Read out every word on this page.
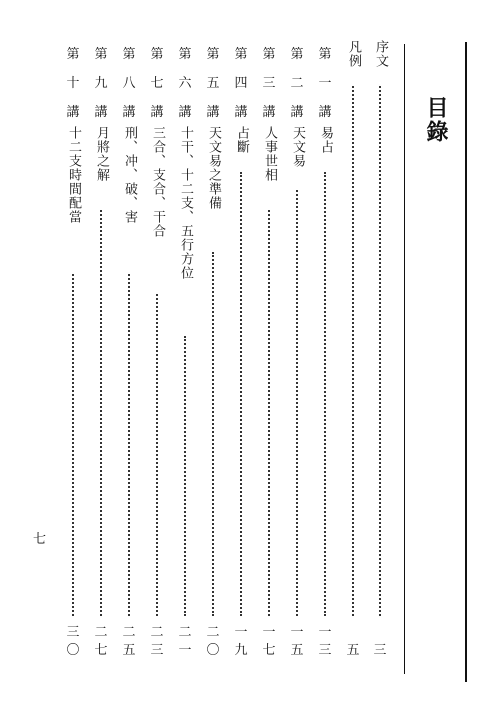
目錄
序文
三
凡例
五
第
一
講
易占
一
三
第
二
講
天文易
一
五
第
三
講
人事世相
一
七
第
四
講
占斷
一
九
第
五
講
天文易之準備
二
〇
第
六
講
十干、十二支、五行方位
二
一
第
七
講
三合、支合、干合
二
三
第
八
講
刑、冲、破、害
二
五
第
九
講
月將之解
二
七
第
十
講
十二支時間配當
三
〇
七
